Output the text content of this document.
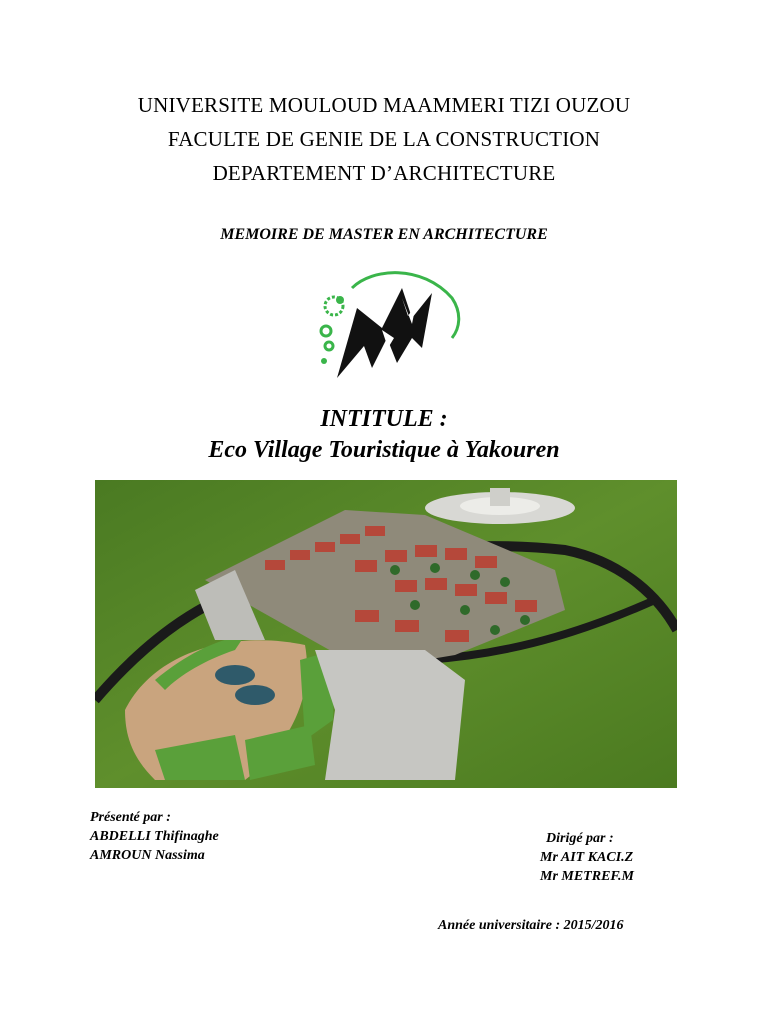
UNIVERSITE MOULOUD MAAMMERI TIZI OUZOU
FACULTE DE GENIE DE LA CONSTRUCTION
DEPARTEMENT D’ARCHITECTURE
MEMOIRE DE MASTER EN ARCHITECTURE
INTITULE :
Eco Village Touristique à Yakouren
Présenté par :
ABDELLI Thifinaghe
AMROUN Nassima
Dirigé par :
Mr AIT KACI.Z
Mr METREF.M
Année universitaire : 2015/2016
